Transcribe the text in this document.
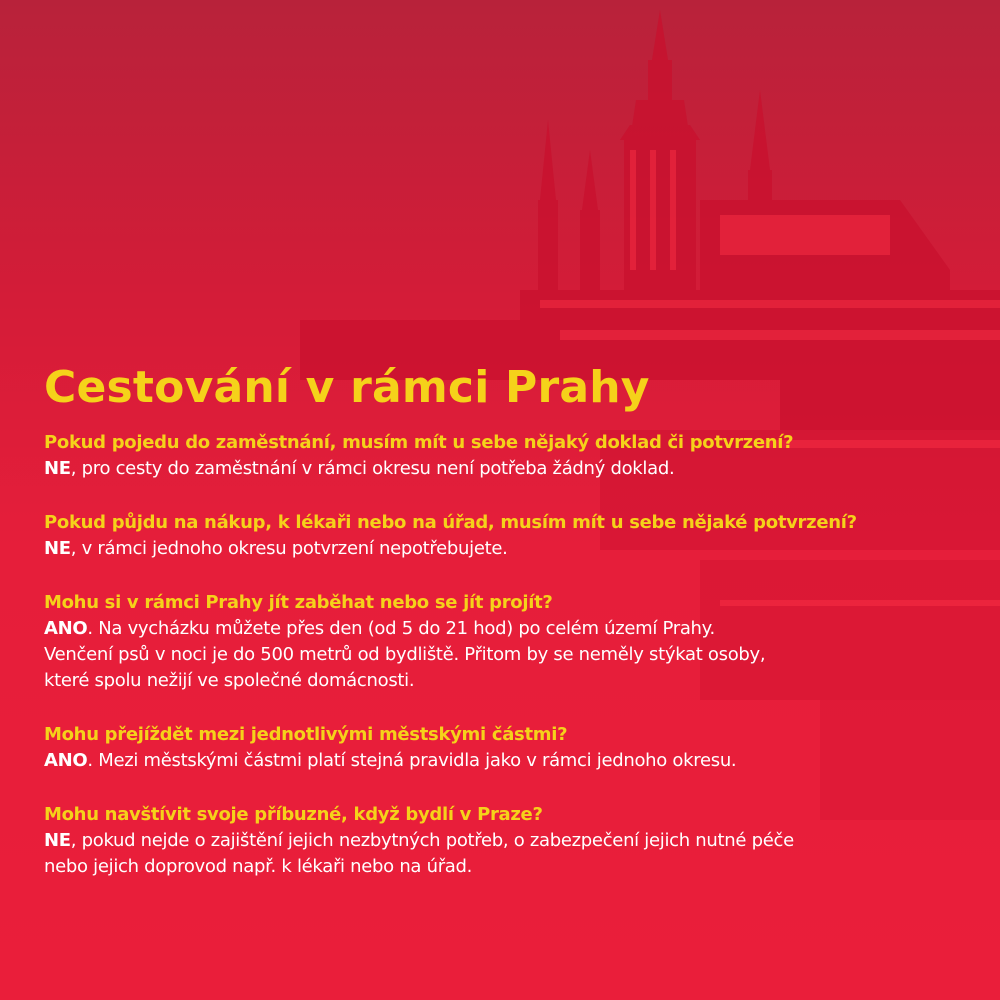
Cestování v rámci Prahy
Pokud pojedu do zaměstnání, musím mít u sebe nějaký doklad či potvrzení?
NE, pro cesty do zaměstnání v rámci okresu není potřeba žádný doklad.
Pokud půjdu na nákup, k lékaři nebo na úřad, musím mít u sebe nějaké potvrzení?
NE, v rámci jednoho okresu potvrzení nepotřebujete.
Mohu si v rámci Prahy jít zaběhat nebo se jít projít?
ANO. Na vycházku můžete přes den (od 5 do 21 hod) po celém území Prahy.
Venčení psů v noci je do 500 metrů od bydliště. Přitom by se neměly stýkat osoby,
které spolu nežijí ve společné domácnosti.
Mohu přejíždět mezi jednotlivými městskými částmi?
ANO. Mezi městskými částmi platí stejná pravidla jako v rámci jednoho okresu.
Mohu navštívit svoje příbuzné, když bydlí v Praze?
NE, pokud nejde o zajištění jejich nezbytných potřeb, o zabezpečení jejich nutné péče
nebo jejich doprovod např. k lékaři nebo na úřad.
